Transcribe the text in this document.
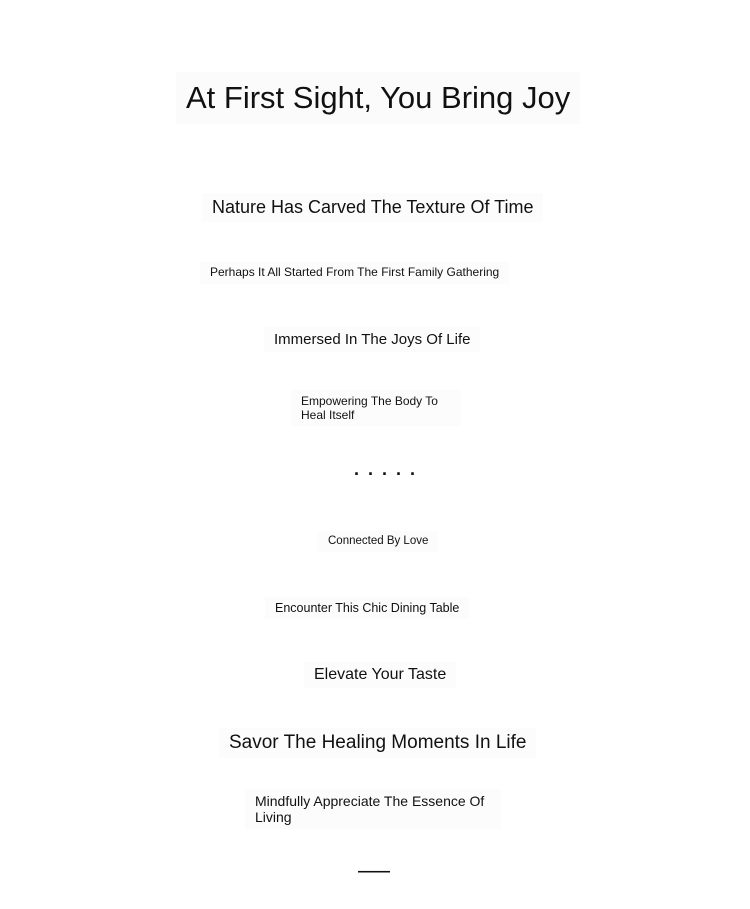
At First Sight, You Bring Joy
Nature Has Carved The Texture Of Time
Perhaps It All Started From The First Family Gathering
Immersed In The Joys Of Life
Empowering The Body To Heal Itself
. . . . .
Connected By Love
Encounter This Chic Dining Table
Elevate Your Taste
Savor The Healing Moments In Life
Mindfully Appreciate The Essence Of Living
——
